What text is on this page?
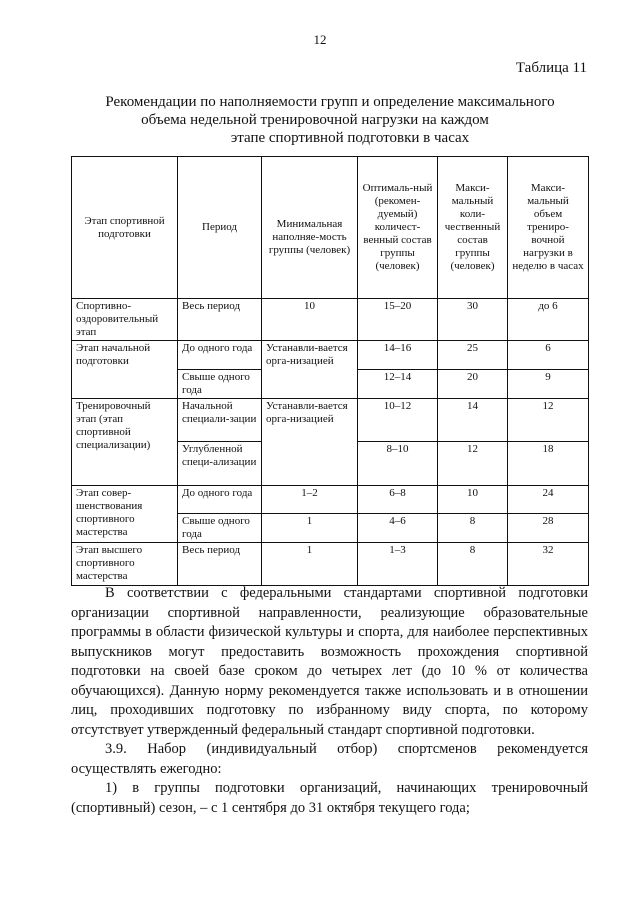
12
Таблица 11
Рекомендации по наполняемости групп и определение максимального
объема недельной тренировочной нагрузки на каждом
этапе спортивной подготовки в часах
Этап спортивной подготовки	Период	Минимальная наполняе-мость группы (человек)	Оптималь-ный (рекомен-дуемый) количест-венный состав группы (человек)	Макси-мальный коли-чественный состав группы (человек)	Макси-мальный объем трениро-вочной нагрузки в неделю в часах
Спортивно-оздоровительный этап	Весь период	10	15–20	30	до 6
Этап начальной подготовки	До одного года	Устанавли-вается орга-низацией	14–16	25	6
	Свыше одного года		12–14	20	9
Тренировочный этап (этап спортивной специализации)	Начальной специали-зации	Устанавли-вается орга-низацией	10–12	14	12
	Углубленной специ-ализации		8–10	12	18
Этап совер-шенствования спортивного мастерства	До одного года	1–2	6–8	10	24
	Свыше одного года	1	4–6	8	28
Этап высшего спортивного мастерства	Весь период	1	1–3	8	32

В соответствии с федеральными стандартами спортивной подготовки организации спортивной направленности, реализующие образовательные программы в области физической культуры и спорта, для наиболее перспективных выпускников могут предоставить возможность прохождения спортивной подготовки на своей базе сроком до четырех лет (до 10 % от количества обучающихся). Данную норму рекомендуется также использовать и в отношении лиц, проходивших подготовку по избранному виду спорта, по которому отсутствует утвержденный федеральный стандарт спортивной подготовки.

3.9. Набор (индивидуальный отбор) спортсменов рекомендуется осуществлять ежегодно:

1) в группы подготовки организаций, начинающих тренировочный (спортивный) сезон, – с 1 сентября до 31 октября текущего года;
